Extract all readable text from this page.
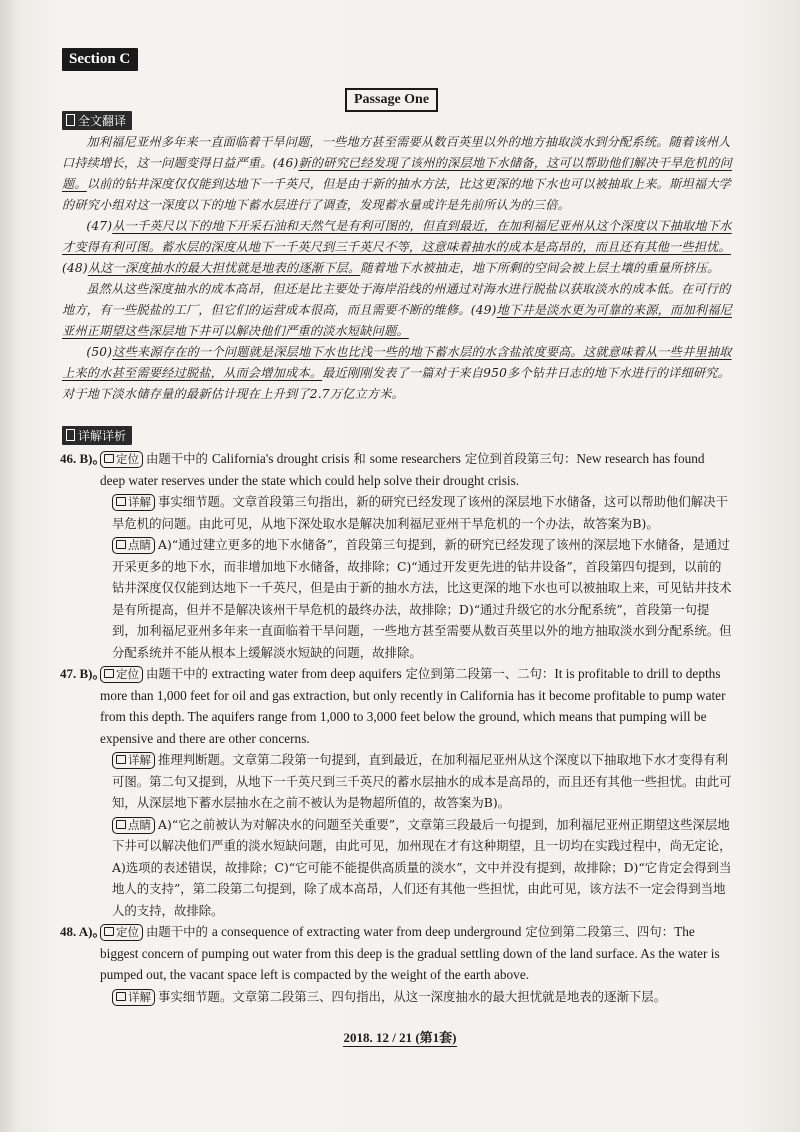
Section C
Passage One
全文翻译

加利福尼亚州多年来一直面临着干旱问题，一些地方甚至需要从数百英里以外的地方抽取淡水到分配系统。随着该州人口持续增长，这一问题变得日益严重。(46)新的研究已经发现了该州的深层地下水储备，这可以帮助他们解决干旱危机的问题。以前的钻井深度仅仅能到达地下一千英尺，但是由于新的抽水方法，比这更深的地下水也可以被抽取上来。斯坦福大学的研究小组对这一深度以下的地下蓄水层进行了调查，发现蓄水量或许是先前所认为的三倍。

(47)从一千英尺以下的地下开采石油和天然气是有利可图的，但直到最近，在加利福尼亚州从这个深度以下抽取地下水才变得有利可图。蓄水层的深度从地下一千英尺到三千英尺不等，这意味着抽水的成本是高昂的，而且还有其他一些担忧。(48)从这一深度抽水的最大担忧就是地表的逐渐下层。随着地下水被抽走，地下所剩的空间会被上层土壤的重量所挤压。

虽然从这些深度抽水的成本高昂，但还是比主要处于海岸沿线的州通过对海水进行脱盐以获取淡水的成本低。在可行的地方，有一些脱盐的工厂，但它们的运营成本很高，而且需要不断的维修。(49)地下井是淡水更为可靠的来源，而加利福尼亚州正期望这些深层地下井可以解决他们严重的淡水短缺问题。

(50)这些来源存在的一个问题就是深层地下水也比浅一些的地下蓄水层的水含盐浓度要高。这就意味着从一些井里抽取上来的水甚至需要经过脱盐，从而会增加成本。最近刚刚发表了一篇对于来自950多个钻井日志的地下水进行的详细研究。对于地下淡水储存量的最新估计现在上升到了2.7万亿立方米。

详解详析
46. B)。 定位 由题干中的 California's drought crisis 和 some researchers 定位到首段第三句：New research has found deep water reserves under the state which could help solve their drought crisis.

详解 事实细节题。文章首段第三句指出，新的研究已经发现了该州的深层地下水储备，这可以帮助他们解决干旱危机的问题。由此可见，从地下深处取水是解决加利福尼亚州干旱危机的一个办法，故答案为B)。

点睛 A)“通过建立更多的地下水储备”，首段第三句提到，新的研究已经发现了该州的深层地下水储备，是通过开采更多的地下水，而非增加地下水储备，故排除；C)“通过开发更先进的钻井设备”，首段第四句提到，以前的钻井深度仅仅能到达地下一千英尺，但是由于新的抽水方法，比这更深的地下水也可以被抽取上来，可见钻井技术是有所提高，但并不是解决该州干旱危机的最终办法，故排除；D)“通过升级它的水分配系统”，首段第一句提到，加利福尼亚州多年来一直面临着干旱问题，一些地方甚至需要从数百英里以外的地方抽取淡水到分配系统。但分配系统并不能从根本上缓解淡水短缺的问题，故排除。

47. B)。 定位 由题干中的 extracting water from deep aquifers 定位到第二段第一、二句：It is profitable to drill to depths more than 1,000 feet for oil and gas extraction, but only recently in California has it become profitable to pump water from this depth. The aquifers range from 1,000 to 3,000 feet below the ground, which means that pumping will be expensive and there are other concerns.

详解 推理判断题。文章第二段第一句提到，直到最近，在加利福尼亚州从这个深度以下抽取地下水才变得有利可图。第二句又提到，从地下一千英尺到三千英尺的蓄水层抽水的成本是高昂的，而且还有其他一些担忧。由此可知，从深层地下蓄水层抽水在之前不被认为是物超所值的，故答案为B)。

点睛 A)“它之前被认为对解决水的问题至关重要”，文章第三段最后一句提到，加利福尼亚州正期望这些深层地下井可以解决他们严重的淡水短缺问题，由此可见，加州现在才有这种期望，且一切均在实践过程中，尚无定论，A)选项的表述错误，故排除；C)“它可能不能提供高质量的淡水”，文中并没有提到，故排除；D)“它肯定会得到当地人的支持”，第二段第二句提到，除了成本高昂，人们还有其他一些担忧，由此可见，该方法不一定会得到当地人的支持，故排除。

48. A)。 定位 由题干中的 a consequence of extracting water from deep underground 定位到第二段第三、四句：The biggest concern of pumping out water from this deep is the gradual settling down of the land surface. As the water is pumped out, the vacant space left is compacted by the weight of the earth above.

详解 事实细节题。文章第二段第三、四句指出，从这一深度抽水的最大担忧就是地表的逐渐下层。

2018. 12 / 21 (第1套)
